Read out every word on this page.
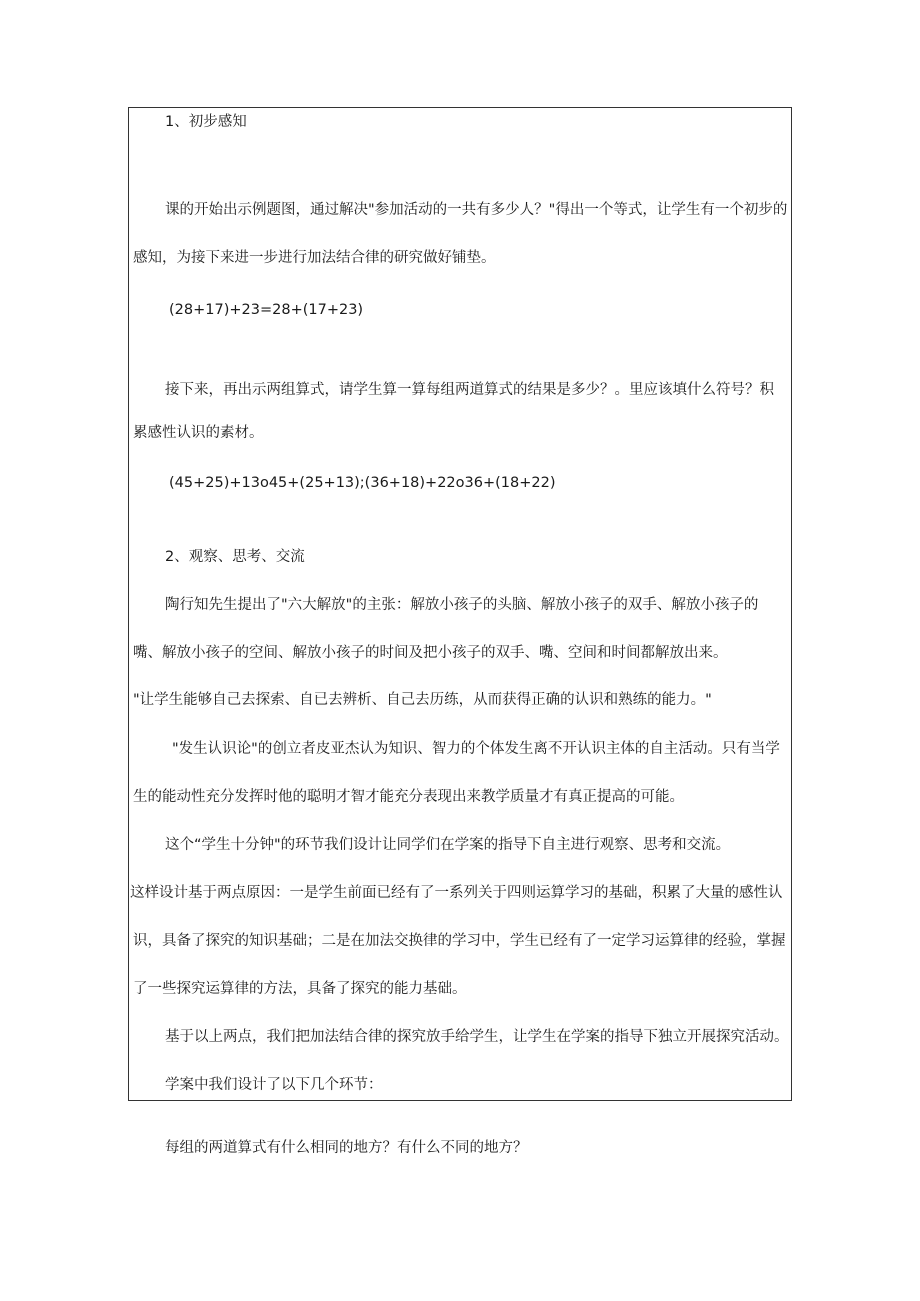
1、初步感知

课的开始出示例题图，通过解决"参加活动的一共有多少人？"得出一个等式，让学生有一个初步的

感知，为接下来进一步进行加法结合律的研究做好铺垫。

(28+17)+23=28+(17+23)

接下来，再出示两组算式，请学生算一算每组两道算式的结果是多少？。里应该填什么符号？积

累感性认识的素材。

(45+25)+13o45+(25+13);(36+18)+22o36+(18+22)

2、观察、思考、交流

陶行知先生提出了"六大解放"的主张：解放小孩子的头脑、解放小孩子的双手、解放小孩子的

嘴、解放小孩子的空间、解放小孩子的时间及把小孩子的双手、嘴、空间和时间都解放出来。

"让学生能够自己去探索、自已去辨析、自己去历练，从而获得正确的认识和熟练的能力。"

"发生认识论"的创立者皮亚杰认为知识、智力的个体发生离不开认识主体的自主活动。只有当学

生的能动性充分发挥时他的聪明才智才能充分表现出来教学质量才有真正提高的可能。

这个“学生十分钟"的环节我们设计让同学们在学案的指导下自主进行观察、思考和交流。

这样设计基于两点原因：一是学生前面已经有了一系列关于四则运算学习的基础，积累了大量的感性认

识，具备了探究的知识基础；二是在加法交换律的学习中，学生已经有了一定学习运算律的经验，掌握

了一些探究运算律的方法，具备了探究的能力基础。

基于以上两点，我们把加法结合律的探究放手给学生，让学生在学案的指导下独立开展探究活动。

学案中我们设计了以下几个环节：

每组的两道算式有什么相同的地方？有什么不同的地方？
